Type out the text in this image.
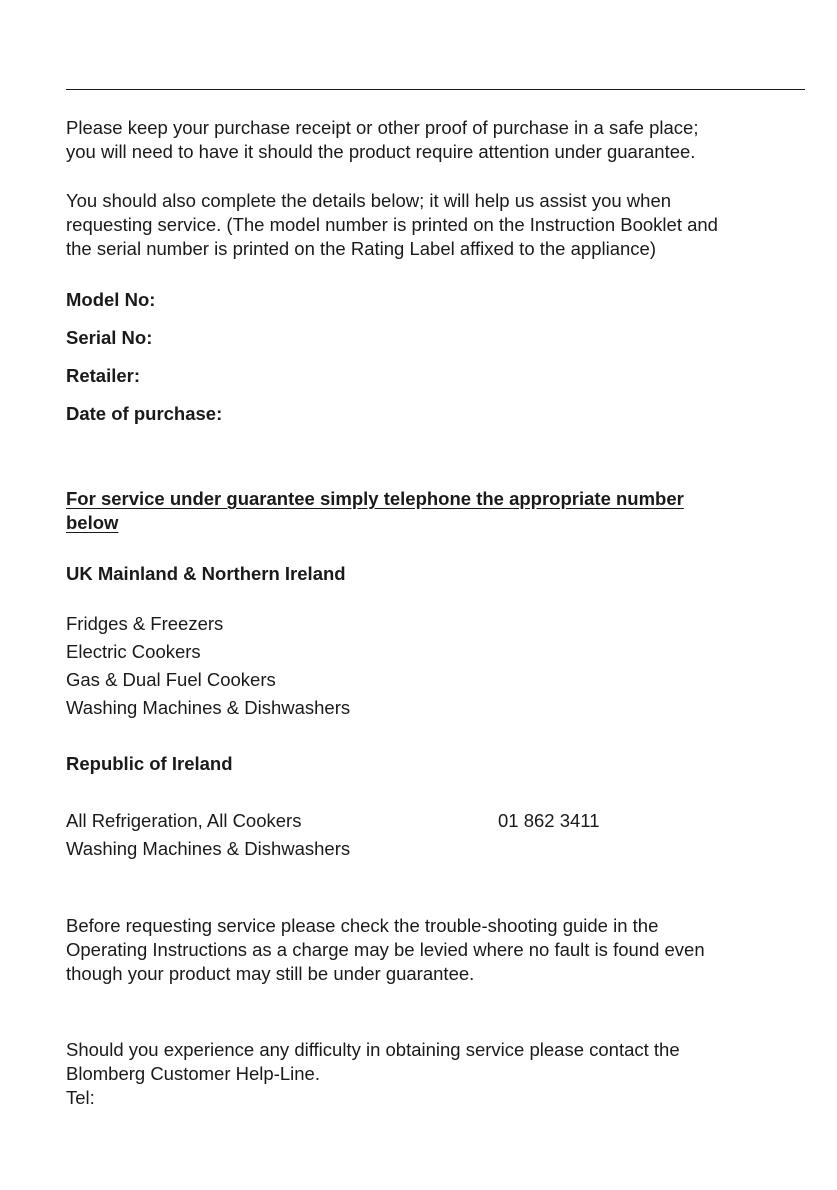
Please keep your purchase receipt or other proof of purchase in a safe place;
you will need to have it should the product require attention under guarantee.

You should also complete the details below; it will help us assist you when
requesting service. (The model number is printed on the Instruction Booklet and
the serial number is printed on the Rating Label affixed to the appliance)

Model No:

Serial No:

Retailer:

Date of purchase:

For service under guarantee simply telephone the appropriate number
below

UK Mainland & Northern Ireland

Fridges & Freezers

Electric Cookers

Gas & Dual Fuel Cookers

Washing Machines & Dishwashers

Republic of Ireland

All Refrigeration, All Cookers	01 862 3411

Washing Machines & Dishwashers

Before requesting service please check the trouble-shooting guide in the
Operating Instructions as a charge may be levied where no fault is found even
though your product may still be under guarantee.

Should you experience any difficulty in obtaining service please contact the
Blomberg Customer Help-Line.
Tel:
